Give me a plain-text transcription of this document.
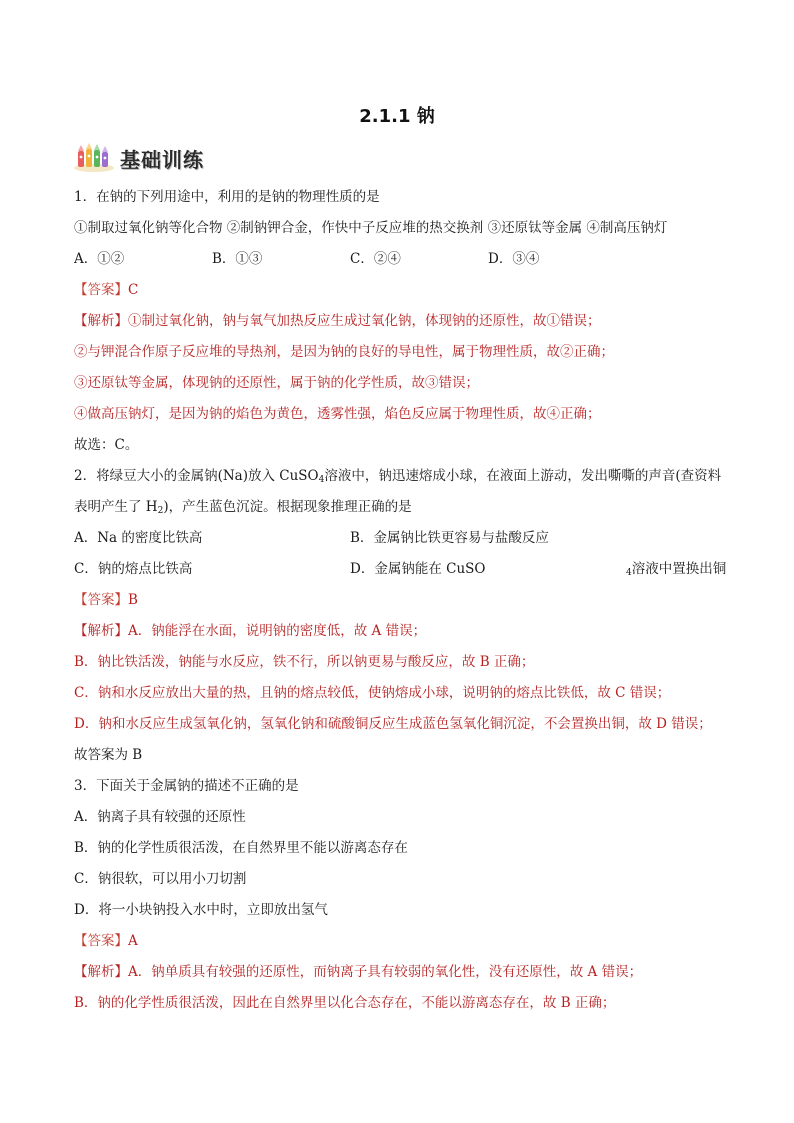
2.1.1 钠
基础训练
1．在钠的下列用途中，利用的是钠的物理性质的是
①制取过氧化钠等化合物 ②制钠钾合金，作快中子反应堆的热交换剂 ③还原钛等金属 ④制高压钠灯
A．①②	B．①③	C．②④	D．③④
【答案】C
【解析】①制过氧化钠，钠与氧气加热反应生成过氧化钠，体现钠的还原性，故①错误；
②与钾混合作原子反应堆的导热剂，是因为钠的良好的导电性，属于物理性质，故②正确；
③还原钛等金属，体现钠的还原性，属于钠的化学性质，故③错误；
④做高压钠灯，是因为钠的焰色为黄色，透雾性强，焰色反应属于物理性质，故④正确；
故选：C。
2．将绿豆大小的金属钠(Na)放入 CuSO$_4$溶液中，钠迅速熔成小球，在液面上游动，发出嘶嘶的声音(查资料
表明产生了 $H_2$)，产生蓝色沉淀。根据现象推理正确的是
A．Na 的密度比铁高	B．金属钠比铁更容易与盐酸反应
C．钠的熔点比铁高	D．金属钠能在 CuSO	$_4$溶液中置换出铜
【答案】B
【解析】A．钠能浮在水面，说明钠的密度低，故 A 错误；
B．钠比铁活泼，钠能与水反应，铁不行，所以钠更易与酸反应，故 B 正确；
C．钠和水反应放出大量的热，且钠的熔点较低，使钠熔成小球，说明钠的熔点比铁低，故 C 错误；
D．钠和水反应生成氢氧化钠，氢氧化钠和硫酸铜反应生成蓝色氢氧化铜沉淀，不会置换出铜，故 D 错误；
故答案为 B
3．下面关于金属钠的描述不正确的是
A．钠离子具有较强的还原性
B．钠的化学性质很活泼，在自然界里不能以游离态存在
C．钠很软，可以用小刀切割
D．将一小块钠投入水中时，立即放出氢气
【答案】A
【解析】A．钠单质具有较强的还原性，而钠离子具有较弱的氧化性，没有还原性，故 A 错误；
B．钠的化学性质很活泼，因此在自然界里以化合态存在，不能以游离态存在，故 B 正确；
